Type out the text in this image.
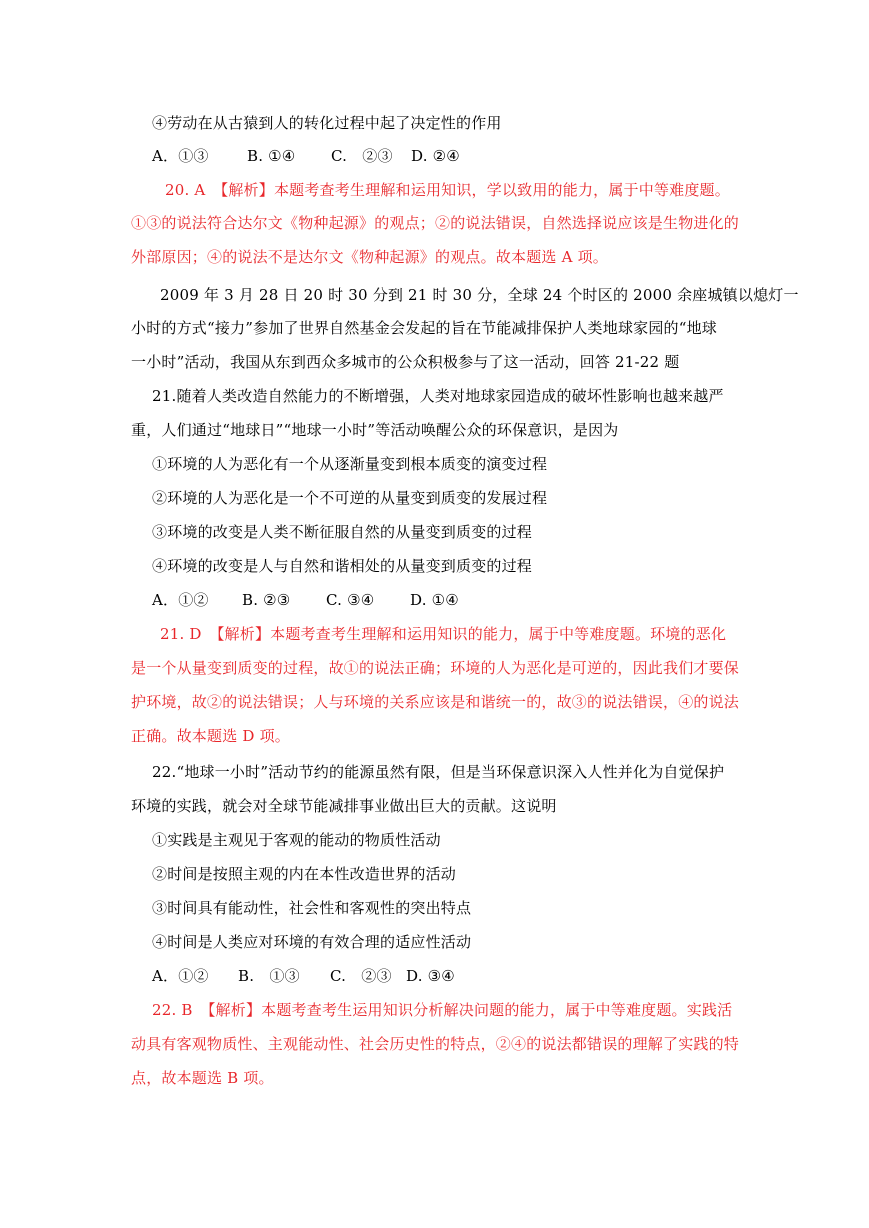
④劳动在从古猿到人的转化过程中起了决定性的作用
A．①③	B. ①④ C.　②③ D. ②④
20. A　【解析】本题考查考生理解和运用知识，学以致用的能力，属于中等难度题。
①③的说法符合达尔文《物种起源》的观点；②的说法错误，自然选择说应该是生物进化的
外部原因；④的说法不是达尔文《物种起源》的观点。故本题选 A 项。
2009 年 3 月 28 日 20 时 30 分到 21 时 30 分，全球 24 个时区的 2000 余座城镇以熄灯一
小时的方式“接力”参加了世界自然基金会发起的旨在节能减排保护人类地球家园的“地球
一小时”活动，我国从东到西众多城市的公众积极参与了这一活动，回答 21-22 题
21.随着人类改造自然能力的不断增强，人类对地球家园造成的破坏性影响也越来越严
重，人们通过“地球日”“地球一小时”等活动唤醒公众的环保意识，是因为
①环境的人为恶化有一个从逐渐量变到根本质变的演变过程
②环境的人为恶化是一个不可逆的从量变到质变的发展过程
③环境的改变是人类不断征服自然的从量变到质变的过程
④环境的改变是人与自然和谐相处的从量变到质变的过程
A．①② B. ②③ C. ③④ D. ①④
21. D　【解析】本题考查考生理解和运用知识的能力，属于中等难度题。环境的恶化
是一个从量变到质变的过程，故①的说法正确；环境的人为恶化是可逆的，因此我们才要保
护环境，故②的说法错误；人与环境的关系应该是和谐统一的，故③的说法错误，④的说法
正确。故本题选 D 项。
22.“地球一小时”活动节约的能源虽然有限，但是当环保意识深入人性并化为自觉保护
环境的实践，就会对全球节能减排事业做出巨大的贡献。这说明
①实践是主观见于客观的能动的物质性活动
②时间是按照主观的内在本性改造世界的活动
③时间具有能动性，社会性和客观性的突出特点
④时间是人类应对环境的有效合理的适应性活动
A．①② B.　①③ C.　②③ D. ③④
22. B　【解析】本题考查考生运用知识分析解决问题的能力，属于中等难度题。实践活
动具有客观物质性、主观能动性、社会历史性的特点，②④的说法都错误的理解了实践的特
点，故本题选 B 项。
